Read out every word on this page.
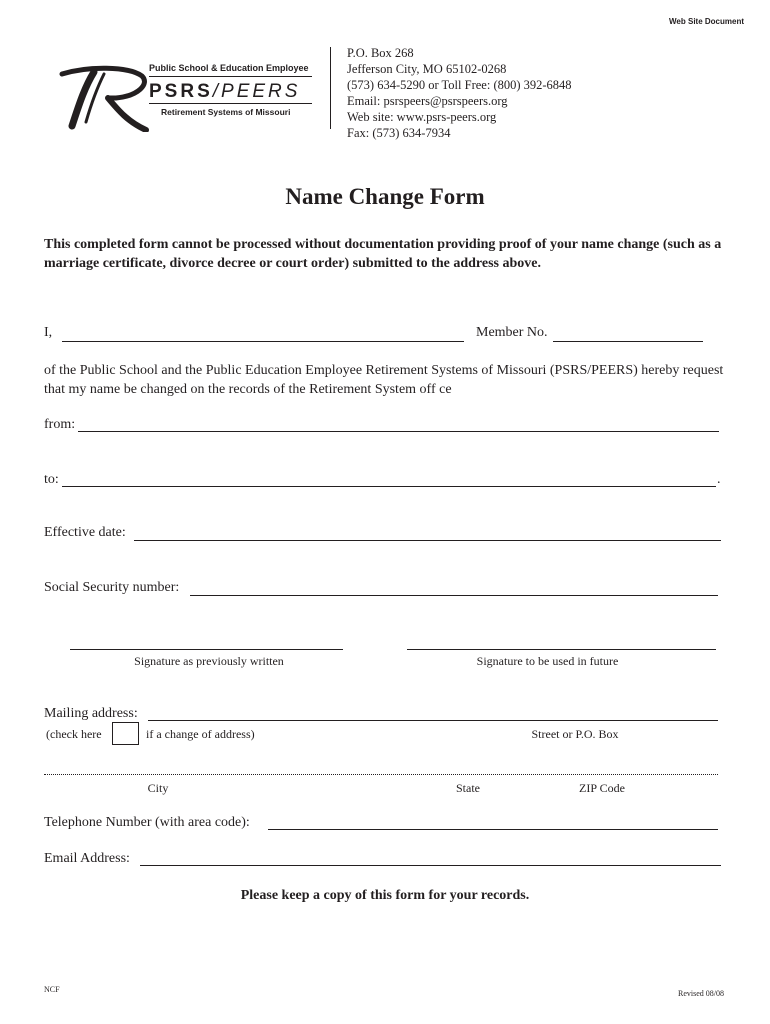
Web Site Document
Public School & Education Employee
PSRS/PEERS
Retirement Systems of Missouri
P.O. Box 268
Jefferson City, MO 65102-0268
(573) 634-5290 or Toll Free: (800) 392-6848
Email: psrspeers@psrspeers.org
Web site: www.psrs-peers.org
Fax: (573) 634-7934
Name Change Form
This completed form cannot be processed without documentation providing proof of your name change (such as a marriage certificate, divorce decree or court order) submitted to the address above.
I,	Member No.
of the Public School and the Public Education Employee Retirement Systems of Missouri (PSRS/PEERS) hereby request that my name be changed on the records of the Retirement System off ce
from:
to:	.
Effective date:
Social Security number:
Signature as previously written	Signature to be used in future
Mailing address:
(check here	if a change of address)	Street or P.O. Box
City	State	ZIP Code
Telephone Number (with area code):
Email Address:
Please keep a copy of this form for your records.
NCF	Revised 08/08
